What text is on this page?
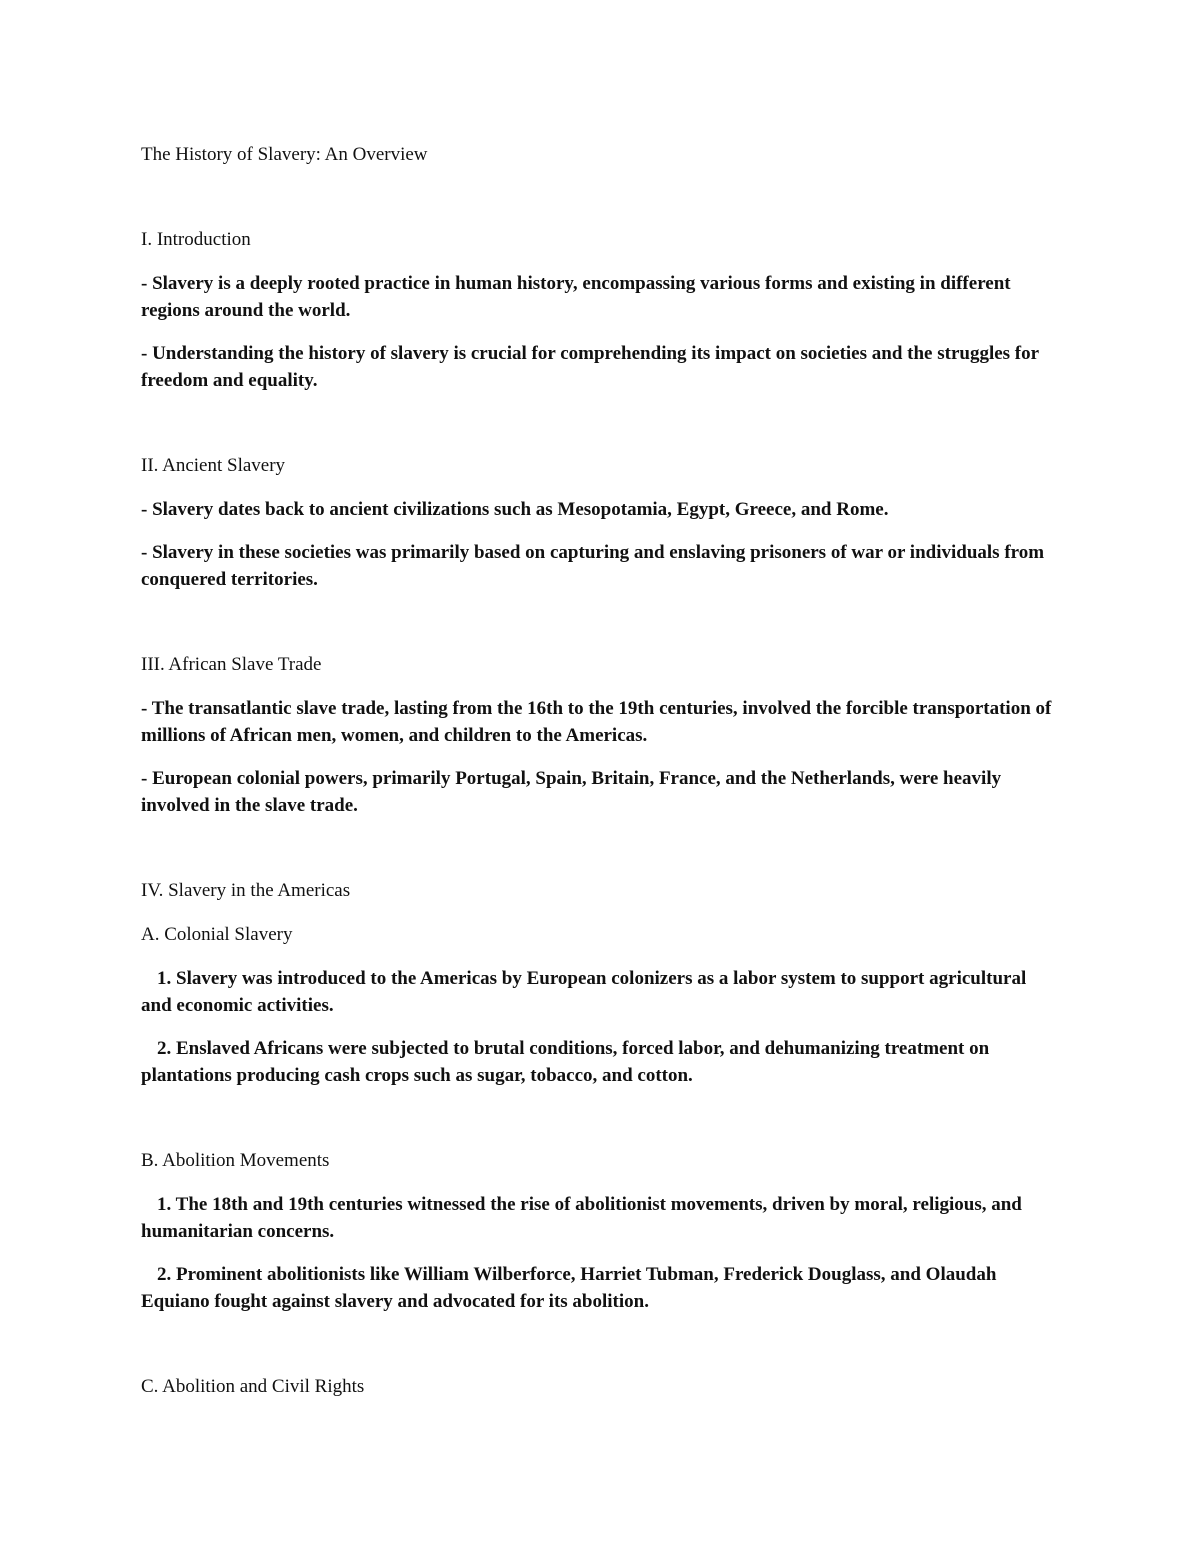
The History of Slavery: An Overview

I. Introduction

- Slavery is a deeply rooted practice in human history, encompassing various forms and existing in different regions around the world.

- Understanding the history of slavery is crucial for comprehending its impact on societies and the struggles for freedom and equality.

II. Ancient Slavery

- Slavery dates back to ancient civilizations such as Mesopotamia, Egypt, Greece, and Rome.

- Slavery in these societies was primarily based on capturing and enslaving prisoners of war or individuals from conquered territories.

III. African Slave Trade

- The transatlantic slave trade, lasting from the 16th to the 19th centuries, involved the forcible transportation of millions of African men, women, and children to the Americas.

- European colonial powers, primarily Portugal, Spain, Britain, France, and the Netherlands, were heavily involved in the slave trade.

IV. Slavery in the Americas

A. Colonial Slavery

1. Slavery was introduced to the Americas by European colonizers as a labor system to support agricultural and economic activities.

2. Enslaved Africans were subjected to brutal conditions, forced labor, and dehumanizing treatment on plantations producing cash crops such as sugar, tobacco, and cotton.

B. Abolition Movements

1. The 18th and 19th centuries witnessed the rise of abolitionist movements, driven by moral, religious, and humanitarian concerns.

2. Prominent abolitionists like William Wilberforce, Harriet Tubman, Frederick Douglass, and Olaudah Equiano fought against slavery and advocated for its abolition.

C. Abolition and Civil Rights
